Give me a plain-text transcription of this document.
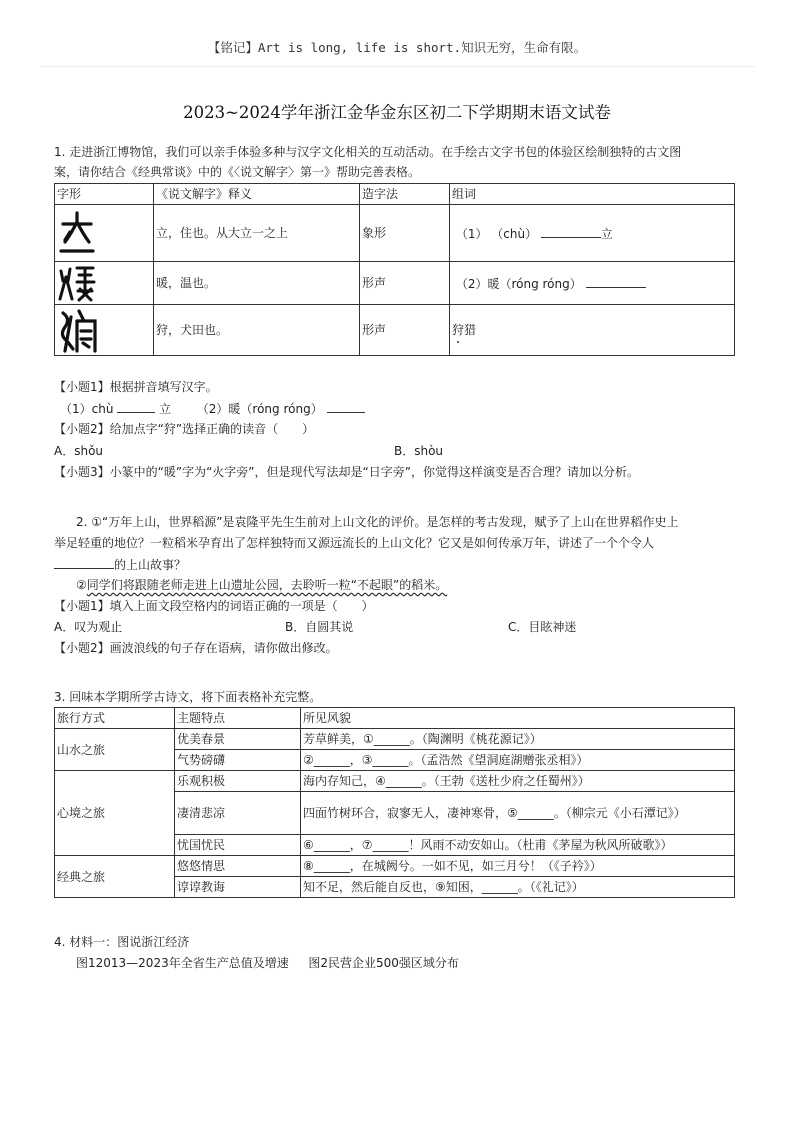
【铭记】Art is long, life is short.知识无穷，生命有限。
2023~2024学年浙江金华金东区初二下学期期末语文试卷
1. 走进浙江博物馆，我们可以亲手体验多种与汉字文化相关的互动活动。在手绘古文字书包的体验区绘制独特的古文图
案，请你结合《经典常谈》中的《〈说文解字〉第一》帮助完善表格。
字形	《说文解字》释义	造字法	组词

	立，住也。从大立一之上	象形	（1） （chù） 立

	暖，温也。	形声	（2）暖（róng róng）

	狩，犬田也。	形声	狩猎
【小题1】根据拼音填写汉字。
（1）chù	立 （2）暖（róng róng）
【小题2】给加点字“狩”选择正确的读音（　　）
A．shǒu	B．shòu
【小题3】小篆中的“暖”字为“火字旁”，但是现代写法却是“日字旁”，你觉得这样演变是否合理？请加以分析。
2. ①“万年上山，世界稻源”是袁隆平先生生前对上山文化的评价。是怎样的考古发现，赋予了上山在世界稻作史上
举足轻重的地位？一粒稻米孕育出了怎样独特而又源远流长的上山文化？它又是如何传承万年，讲述了一个个令人
的上山故事？
②同学们将跟随老师走进上山遗址公园，去聆听一粒“不起眼”的稻米。
【小题1】填入上面文段空格内的词语正确的一项是（　　）
A．叹为观止	B．自圆其说	C．目眩神迷
【小题2】画波浪线的句子存在语病，请你做出修改。
3. 回味本学期所学古诗文，将下面表格补充完整。
旅行方式	主题特点	所见风貌
山水之旅	优美春景	芳草鲜美，①______。（陶渊明《桃花源记》）
	气势磅礴	②______，③______。（孟浩然《望洞庭湖赠张丞相》）
心境之旅	乐观积极	海内存知己，④______。（王勃《送杜少府之任蜀州》）
	凄清悲凉	四面竹树环合，寂寥无人，凄神寒骨，⑤______。（柳宗元《小石潭记》）
	忧国忧民	⑥______，⑦______！风雨不动安如山。（杜甫《茅屋为秋风所破歌》）
经典之旅	悠悠情思	⑧______，在城阙兮。一如不见，如三月兮！（《子衿》）
	谆谆教诲	知不足，然后能自反也，⑨知困，______。（《礼记》）
4. 材料一：图说浙江经济
图12013—2023年全省生产总值及增速 图2民营企业500强区域分布
